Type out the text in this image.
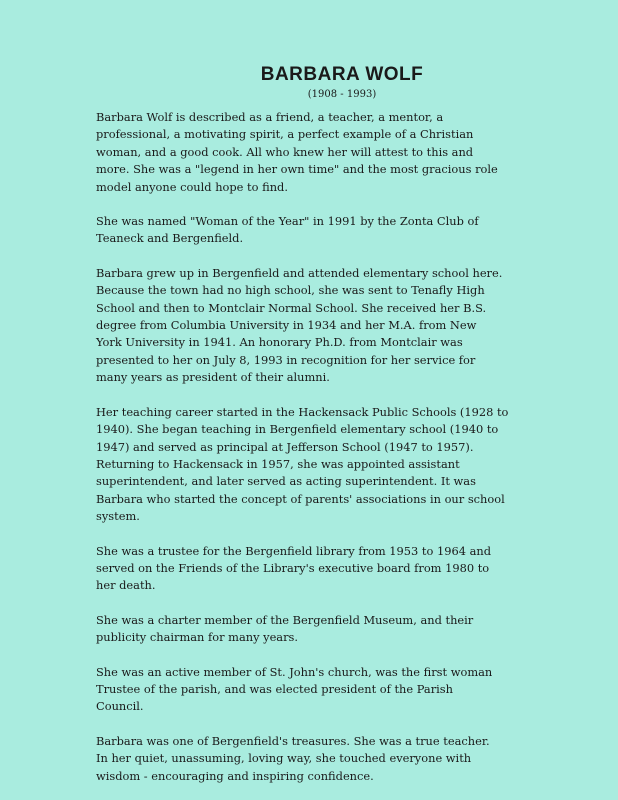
BARBARA WOLF
(1908 - 1993)

Barbara Wolf is described as a friend, a teacher, a mentor, a
professional, a motivating spirit, a perfect example of a Christian
woman, and a good cook. All who knew her will attest to this and
more. She was a "legend in her own time" and the most gracious role
model anyone could hope to find.

She was named "Woman of the Year" in 1991 by the Zonta Club of
Teaneck and Bergenfield.

Barbara grew up in Bergenfield and attended elementary school here.
Because the town had no high school, she was sent to Tenafly High
School and then to Montclair Normal School. She received her B.S.
degree from Columbia University in 1934 and her M.A. from New
York University in 1941. An honorary Ph.D. from Montclair was
presented to her on July 8, 1993 in recognition for her service for
many years as president of their alumni.

Her teaching career started in the Hackensack Public Schools (1928 to
1940). She began teaching in Bergenfield elementary school (1940 to
1947) and served as principal at Jefferson School (1947 to 1957).
Returning to Hackensack in 1957, she was appointed assistant
superintendent, and later served as acting superintendent. It was
Barbara who started the concept of parents' associations in our school
system.

She was a trustee for the Bergenfield library from 1953 to 1964 and
served on the Friends of the Library's executive board from 1980 to
her death.

She was a charter member of the Bergenfield Museum, and their
publicity chairman for many years.

She was an active member of St. John's church, was the first woman
Trustee of the parish, and was elected president of the Parish
Council.

Barbara was one of Bergenfield's treasures. She was a true teacher.
In her quiet, unassuming, loving way, she touched everyone with
wisdom - encouraging and inspiring confidence.
